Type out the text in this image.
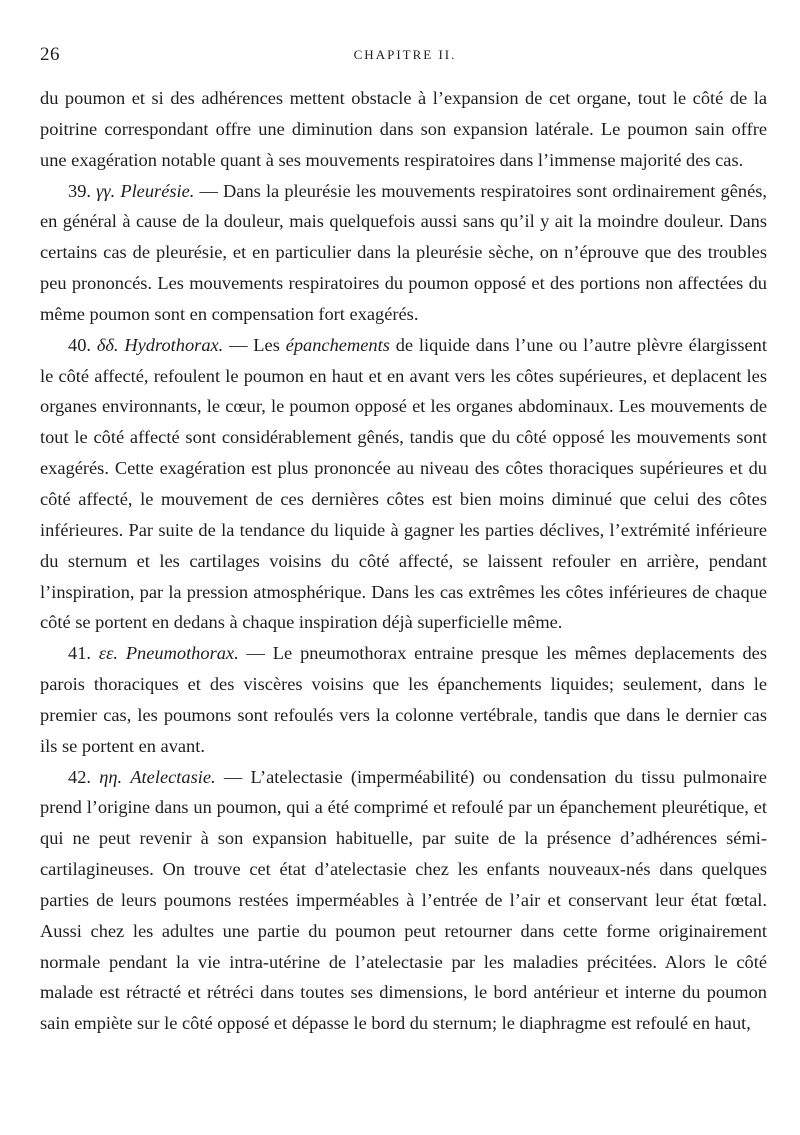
26	CHAPITRE II.

du poumon et si des adhérences mettent obstacle à l’expansion de cet organe, tout le côté de la poitrine correspondant offre une diminution dans son expansion latérale. Le poumon sain offre une exagération notable quant à ses mouvements respiratoires dans l’immense majorité des cas.

39. γγ. Pleurésie. — Dans la pleurésie les mouvements respiratoires sont ordinairement gênés, en général à cause de la douleur, mais quelquefois aussi sans qu’il y ait la moindre douleur. Dans certains cas de pleurésie, et en particulier dans la pleurésie sèche, on n’éprouve que des troubles peu prononcés. Les mouvements respiratoires du poumon opposé et des portions non affectées du même poumon sont en compensation fort exagérés.

40. δδ. Hydrothorax. — Les épanchements de liquide dans l’une ou l’autre plèvre élargissent le côté affecté, refoulent le poumon en haut et en avant vers les côtes supérieures, et deplacent les organes environnants, le cœur, le poumon opposé et les organes abdominaux. Les mouvements de tout le côté affecté sont considérablement gênés, tandis que du côté opposé les mouvements sont exagérés. Cette exagération est plus prononcée au niveau des côtes thoraciques supérieures et du côté affecté, le mouvement de ces dernières côtes est bien moins diminué que celui des côtes inférieures. Par suite de la tendance du liquide à gagner les parties déclives, l’extrémité inférieure du sternum et les cartilages voisins du côté affecté, se laissent refouler en arrière, pendant l’inspiration, par la pression atmosphérique. Dans les cas extrêmes les côtes inférieures de chaque côté se portent en dedans à chaque inspiration déjà superficielle même.

41. εε. Pneumothorax. — Le pneumothorax entraine presque les mêmes deplacements des parois thoraciques et des viscères voisins que les épanchements liquides; seulement, dans le premier cas, les poumons sont refoulés vers la colonne vertébrale, tandis que dans le dernier cas ils se portent en avant.

42. ηη. Atelectasie. — L’atelectasie (imperméabilité) ou condensation du tissu pulmonaire prend l’origine dans un poumon, qui a été comprimé et refoulé par un épanchement pleurétique, et qui ne peut revenir à son expansion habituelle, par suite de la présence d’adhérences sémi-cartilagineuses. On trouve cet état d’atelectasie chez les enfants nouveaux-nés dans quelques parties de leurs poumons restées imperméables à l’entrée de l’air et conservant leur état fœtal. Aussi chez les adultes une partie du poumon peut retourner dans cette forme originairement normale pendant la vie intra-utérine de l’atelectasie par les maladies précitées. Alors le côté malade est rétracté et rétréci dans toutes ses dimensions, le bord antérieur et interne du poumon sain empiète sur le côté opposé et dépasse le bord du sternum; le diaphragme est refoulé en haut,
